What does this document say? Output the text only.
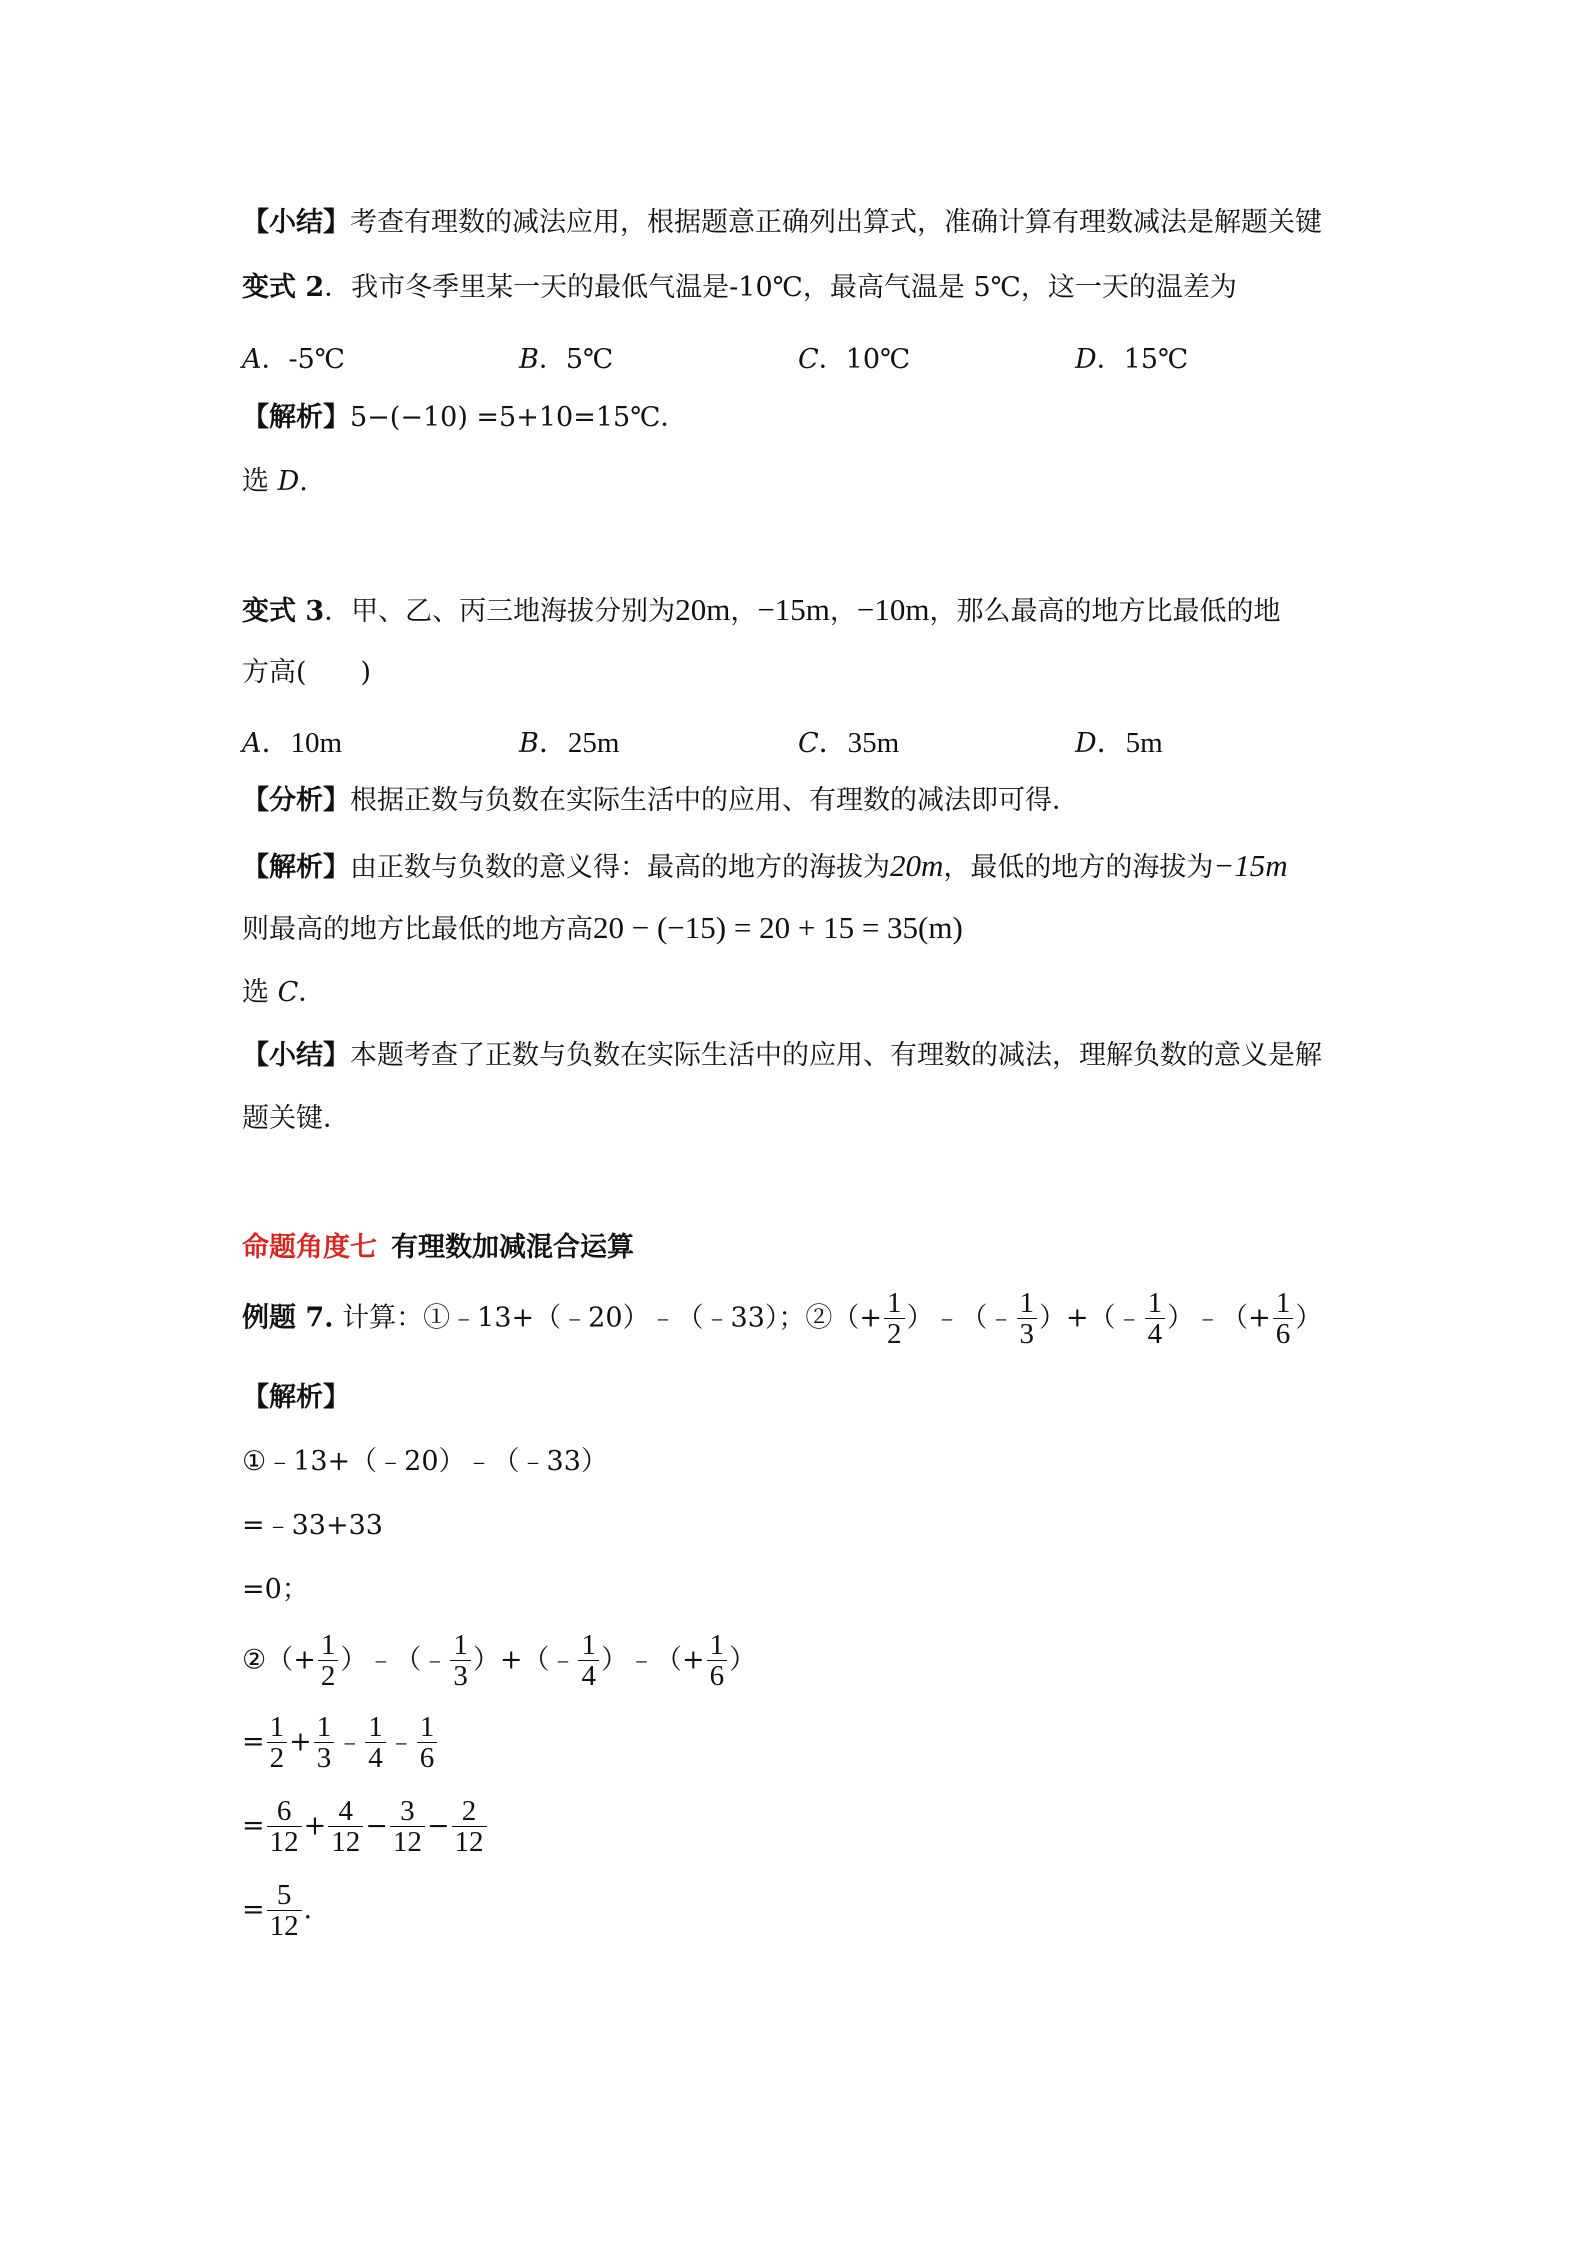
【小结】考查有理数的减法应用，根据题意正确列出算式，准确计算有理数减法是解题关键
变式 2．我市冬季里某一天的最低气温是-10℃，最高气温是 5℃，这一天的温差为
A．-5℃	B．5℃	C．10℃	D．15℃
【解析】5−(−10) =5+10=15℃．
选 D.
变式 3．甲、乙、丙三地海拔分别为20m，−15m，−10m，那么最高的地方比最低的地
方高(　　)
A．10m	B．25m	C．35m	D．5m
【分析】根据正数与负数在实际生活中的应用、有理数的减法即可得．
【解析】由正数与负数的意义得：最高的地方的海拔为20m，最低的地方的海拔为−15m
则最高的地方比最低的地方高20 − (−15) = 20 + 15 = 35(m)
选 C．
【小结】本题考查了正数与负数在实际生活中的应用、有理数的减法，理解负数的意义是解
题关键．
命题角度七 有理数加减混合运算
例题 7. 计算：①﹣13+（﹣20）﹣（﹣33）；②（+ $\frac{1}{2}$ ）﹣（﹣ $\frac{1}{3}$ ）+（﹣ $\frac{1}{4}$ ）﹣（+ $\frac{1}{6}$ ）
【解析】
①﹣13+（﹣20）﹣（﹣33）
=﹣33+33
=0；
②（+ $\frac{1}{2}$ ）﹣（﹣ $\frac{1}{3}$ ）+（﹣ $\frac{1}{4}$ ）﹣（+ $\frac{1}{6}$ ）
= $\frac{1}{2} + \frac{1}{3}$ ﹣ $\frac{1}{4}$ ﹣ $\frac{1}{6}$
= $\frac{6}{12} + \frac{4}{12} - \frac{3}{12} - \frac{2}{12}$
= $\frac{5}{12}$ ．
